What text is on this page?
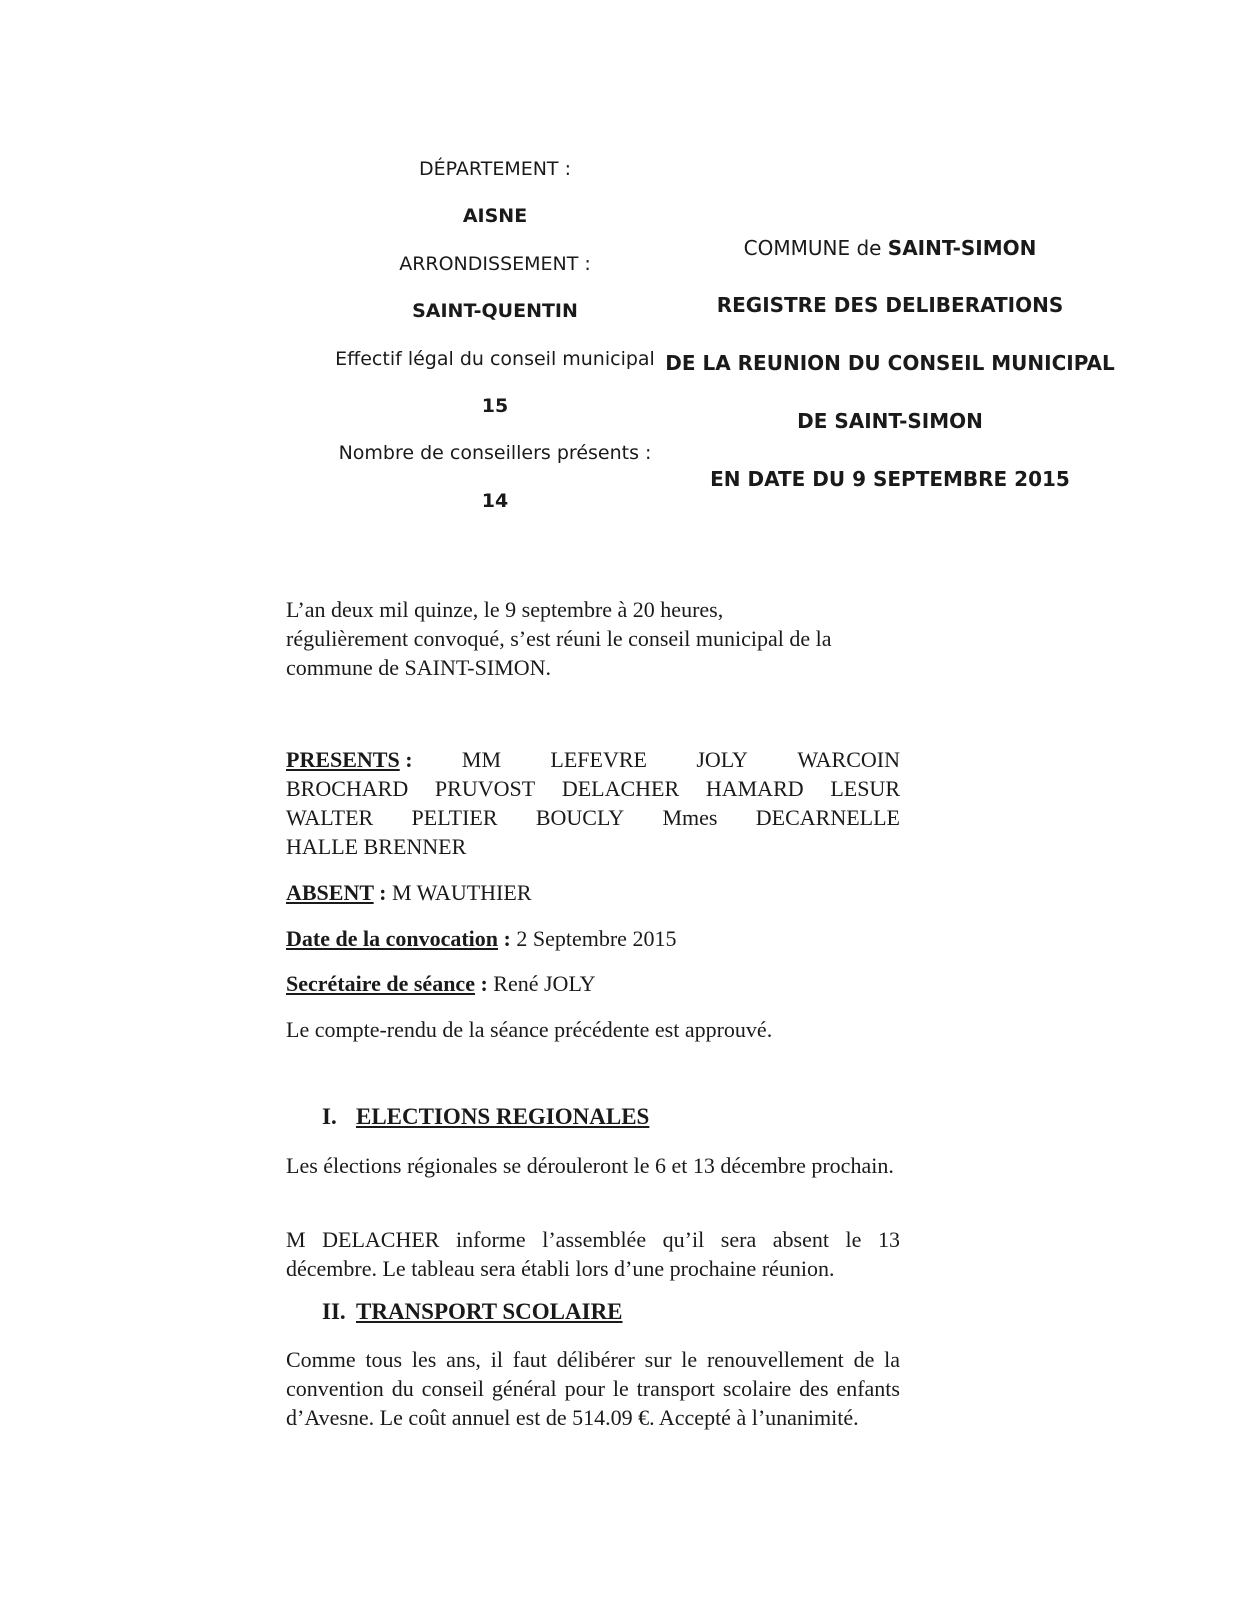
DÉPARTEMENT :
AISNE
ARRONDISSEMENT :
SAINT-QUENTIN
Effectif légal du conseil municipal
15
Nombre de conseillers présents :
14
COMMUNE de SAINT-SIMON
REGISTRE DES DELIBERATIONS
DE LA REUNION DU CONSEIL MUNICIPAL
DE SAINT-SIMON
EN DATE DU 9 SEPTEMBRE 2015
L’an deux mil quinze, le 9 septembre à 20 heures,
régulièrement convoqué, s’est réuni le conseil municipal de la
commune de SAINT-SIMON.
PRESENTS : MM LEFEVRE JOLY WARCOIN
BROCHARD PRUVOST DELACHER HAMARD LESUR
WALTER PELTIER BOUCLY Mmes DECARNELLE
HALLE BRENNER
ABSENT : M WAUTHIER
Date de la convocation : 2 Septembre 2015
Secrétaire de séance : René JOLY
Le compte-rendu de la séance précédente est approuvé.
I. ELECTIONS REGIONALES
Les élections régionales se dérouleront le 6 et 13 décembre prochain.
M DELACHER informe l’assemblée qu’il sera absent le 13 décembre. Le tableau sera établi lors d’une prochaine réunion.
II. TRANSPORT SCOLAIRE
Comme tous les ans, il faut délibérer sur le renouvellement de la convention du conseil général pour le transport scolaire des enfants d’Avesne. Le coût annuel est de 514.09 €. Accepté à l’unanimité.
